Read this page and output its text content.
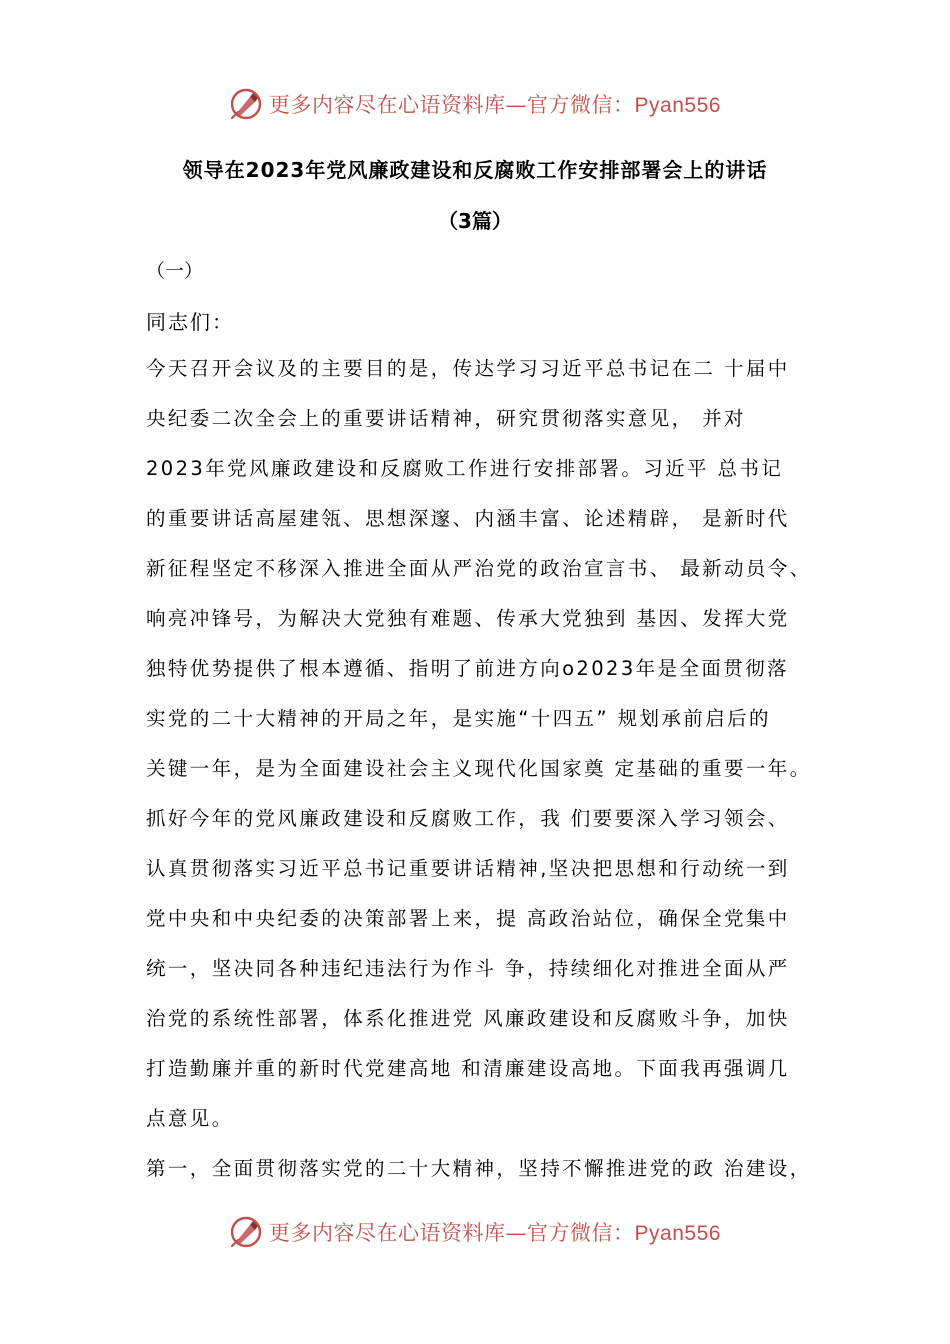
更多内容尽在心语资料库—官方微信：Pyan556
领导在2023年党风廉政建设和反腐败工作安排部署会上的讲话
（3篇）
（一）
同志们：
今天召开会议及的主要目的是，传达学习习近平总书记在二 十届中
央纪委二次全会上的重要讲话精神，研究贯彻落实意见， 并对
2023年党风廉政建设和反腐败工作进行安排部署。习近平 总书记
的重要讲话高屋建瓴、思想深邃、内涵丰富、论述精辟， 是新时代
新征程坚定不移深入推进全面从严治党的政治宣言书、 最新动员令、
响亮冲锋号，为解决大党独有难题、传承大党独到 基因、发挥大党
独特优势提供了根本遵循、指明了前进方向o2023年是全面贯彻落
实党的二十大精神的开局之年，是实施“十四五” 规划承前启后的
关键一年，是为全面建设社会主义现代化国家奠 定基础的重要一年。
抓好今年的党风廉政建设和反腐败工作，我 们要要深入学习领会、
认真贯彻落实习近平总书记重要讲话精神,坚决把思想和行动统一到
党中央和中央纪委的决策部署上来，提 高政治站位，确保全党集中
统一，坚决同各种违纪违法行为作斗 争，持续细化对推进全面从严
治党的系统性部署，体系化推进党 风廉政建设和反腐败斗争，加快
打造勤廉并重的新时代党建高地 和清廉建设高地。下面我再强调几
点意见。
第一，全面贯彻落实党的二十大精神，坚持不懈推进党的政 治建设，
更多内容尽在心语资料库—官方微信：Pyan556
